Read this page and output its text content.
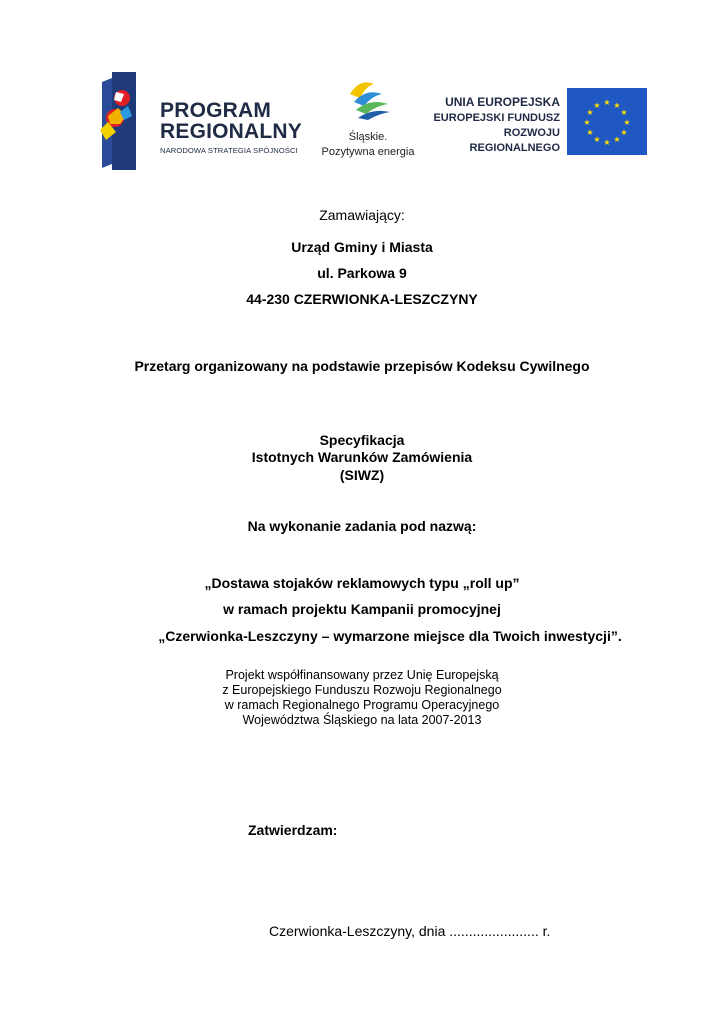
PROGRAM
REGIONALNY
NARODOWA STRATEGIA SPÓJNOŚCI
Śląskie.
Pozytywna energia
UNIA EUROPEJSKA
EUROPEJSKI FUNDUSZ
ROZWOJU REGIONALNEGO
★ ★
★
★
★
★
★
★
★
★
★
★
Zamawiający:
Urząd Gminy i Miasta
ul. Parkowa 9
44-230 CZERWIONKA-LESZCZYNY
Przetarg organizowany na podstawie przepisów Kodeksu Cywilnego
Specyfikacja
Istotnych Warunków Zamówienia
(SIWZ)
Na wykonanie zadania pod nazwą:
„Dostawa stojaków reklamowych typu „roll up”
w ramach projektu Kampanii promocyjnej
„Czerwionka-Leszczyny – wymarzone miejsce dla Twoich inwestycji”.
Projekt współfinansowany przez Unię Europejską
z Europejskiego Funduszu Rozwoju Regionalnego
w ramach Regionalnego Programu Operacyjnego
Województwa Śląskiego na lata 2007-2013
Zatwierdzam:
Czerwionka-Leszczyny, dnia ....................... r.
